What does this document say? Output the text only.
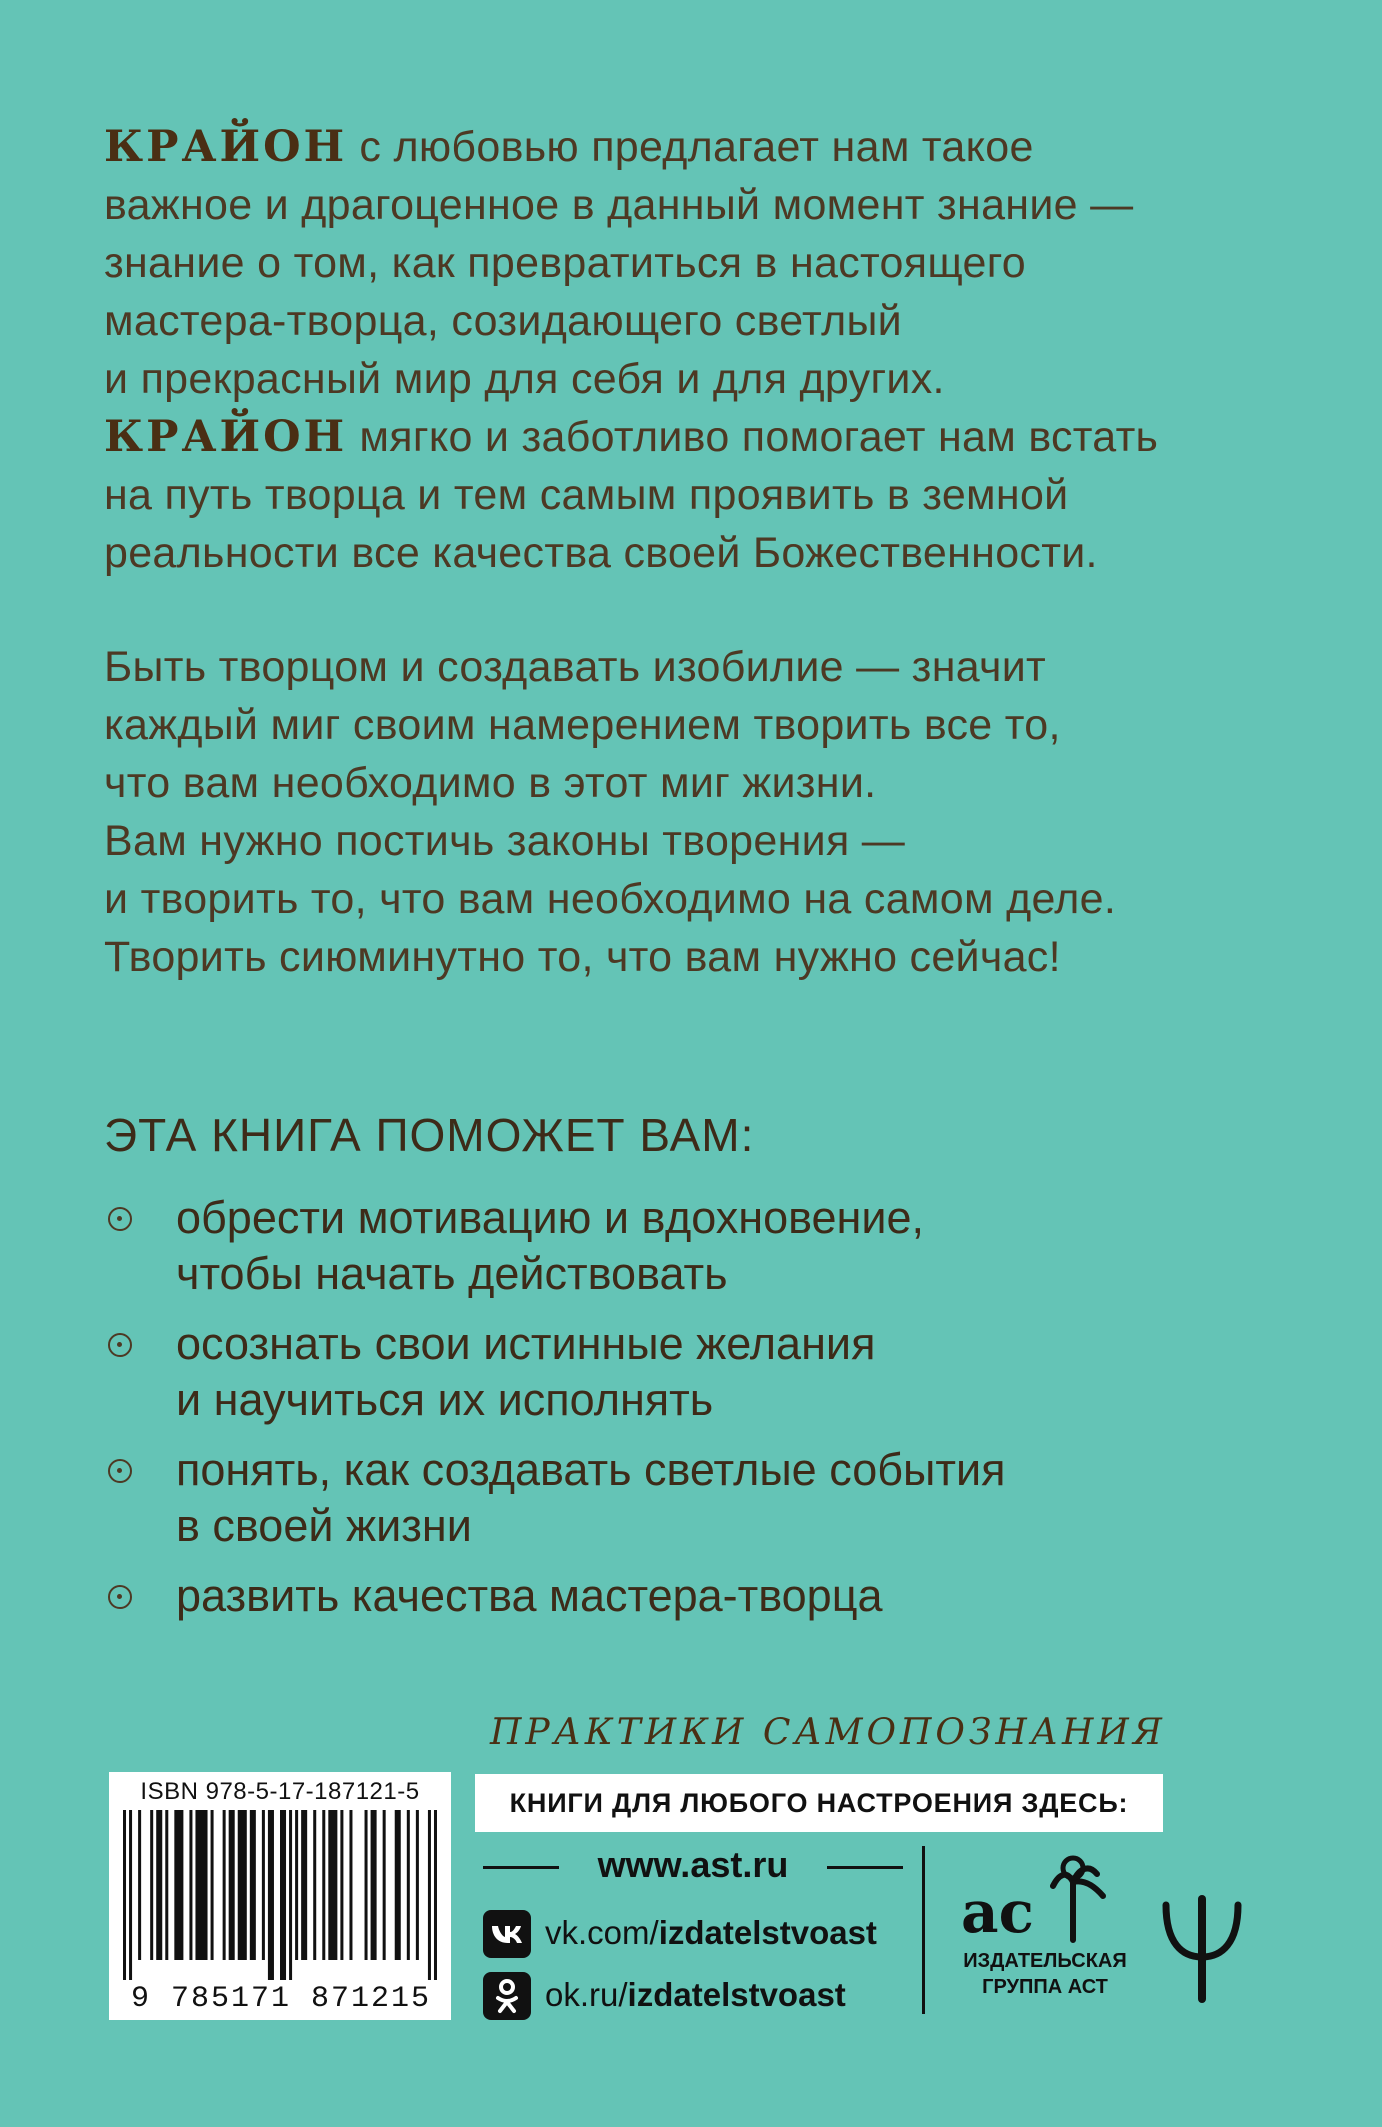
КРАЙОН с любовью предлагает нам такое
важное и драгоценное в данный момент знание —
знание о том, как превратиться в настоящего
мастера-творца, созидающего светлый
и прекрасный мир для себя и для других.
КРАЙОН мягко и заботливо помогает нам встать
на путь творца и тем самым проявить в земной
реальности все качества своей Божественности.
Быть творцом и создавать изобилие — значит
каждый миг своим намерением творить все то,
что вам необходимо в этот миг жизни.
Вам нужно постичь законы творения —
и творить то, что вам необходимо на самом деле.
Творить сиюминутно то, что вам нужно сейчас!
ЭТА КНИГА ПОМОЖЕТ ВАМ:
обрести мотивацию и вдохновение,
чтобы начать действовать
осознать свои истинные желания
и научиться их исполнять
понять, как создавать светлые события
в своей жизни
развить качества мастера-творца
ПРАКТИКИ САМОПОЗНАНИЯ
ISBN 978-5-17-187121-5
9 785171 871215
КНИГИ ДЛЯ ЛЮБОГО НАСТРОЕНИЯ ЗДЕСЬ:
www.ast.ru
vk.com/izdatelstvoast
ok.ru/izdatelstvoast
ас
ИЗДАТЕЛЬСКАЯ
ГРУППА АСТ
